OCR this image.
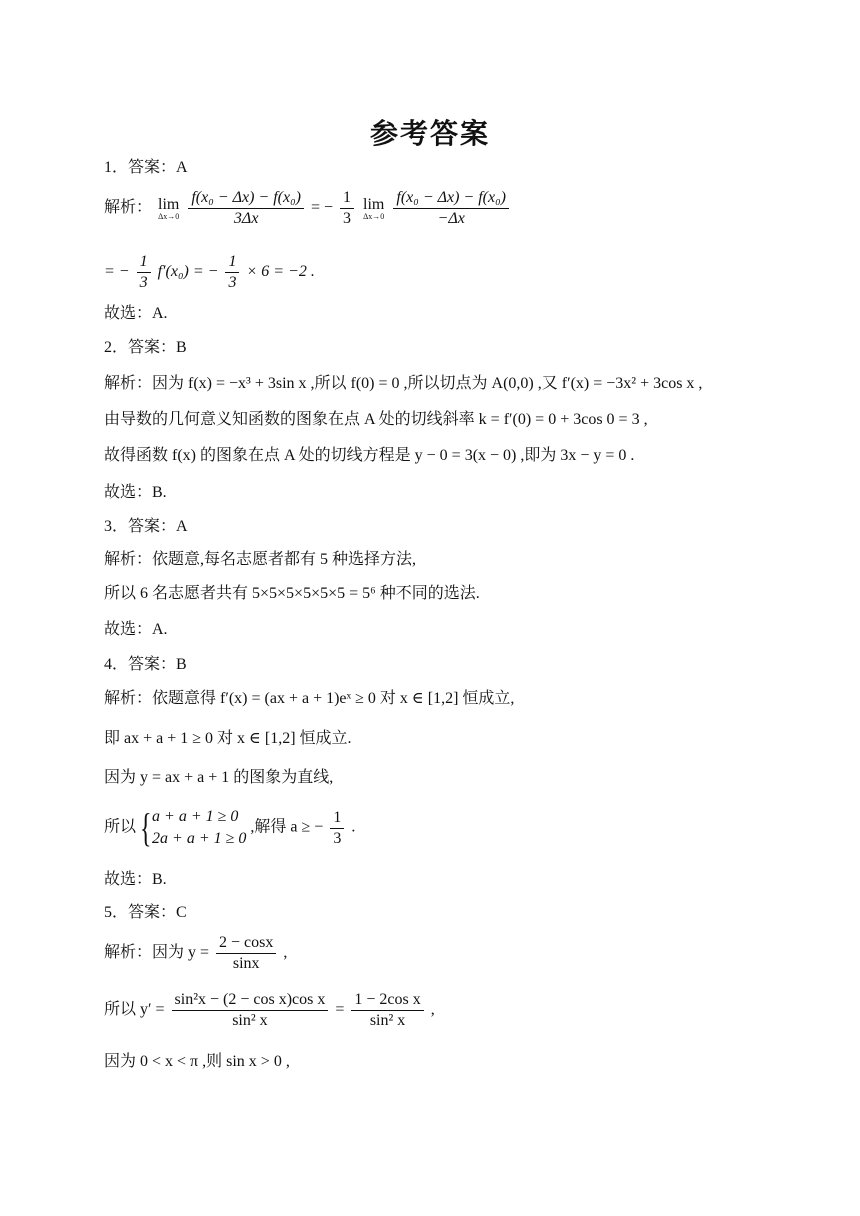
参考答案
1．答案：A
解析： lim
Δx→0
$\frac{\text{f(x₀ − Δx) − f(x₀)}}{3\Delta x}$ = − $\frac{1}{3}$
lim
Δx→0
$\frac{\text{f(x₀ − Δx) − f(x₀)}}{-\Delta x}$
= − $\frac{1}{3} f'(x_0)$ = − $\frac{1}{3} \times 6 = -2$ .
故选：A.
2．答案：B
解析：因为 f(x) = −x³ + 3sin x ,所以 f(0) = 0 ,所以切点为 A(0,0) ,又 f′(x) = −3x² + 3cos x ,
由导数的几何意义知函数的图象在点 A 处的切线斜率 k = f′(0) = 0 + 3cos 0 = 3 ,
故得函数 f(x) 的图象在点 A 处的切线方程是 y − 0 = 3(x − 0) ,即为 3x − y = 0 .
故选：B.
3．答案：A
解析：依题意,每名志愿者都有 5 种选择方法,
所以 6 名志愿者共有 5×5×5×5×5×5 = 5⁶ 种不同的选法.
故选：A.
4．答案：B
解析：依题意得 f′(x) = (ax + a + 1)eˣ ≥ 0 对 x ∈ [1,2] 恒成立,
即 ax + a + 1 ≥ 0 对 x ∈ [1,2] 恒成立.
因为 y = ax + a + 1 的图象为直线,
所以 { a + a + 1 ≥ 0
2a + a + 1 ≥ 0
,解得 a ≥ − $\frac{1}{3}$ .
故选：B.
5．答案：C
解析：因为 $y = \frac{2 - \cos x}{\sin x}$ ,
所以 $y' = \frac{\text{sin²x − (2 − cos x)cos x}}{\text{sin² x}} = \frac{\text{1 − 2cos x}}{\text{sin² x}}$ ,
因为 0 < x < π ,则 sin x > 0 ,
